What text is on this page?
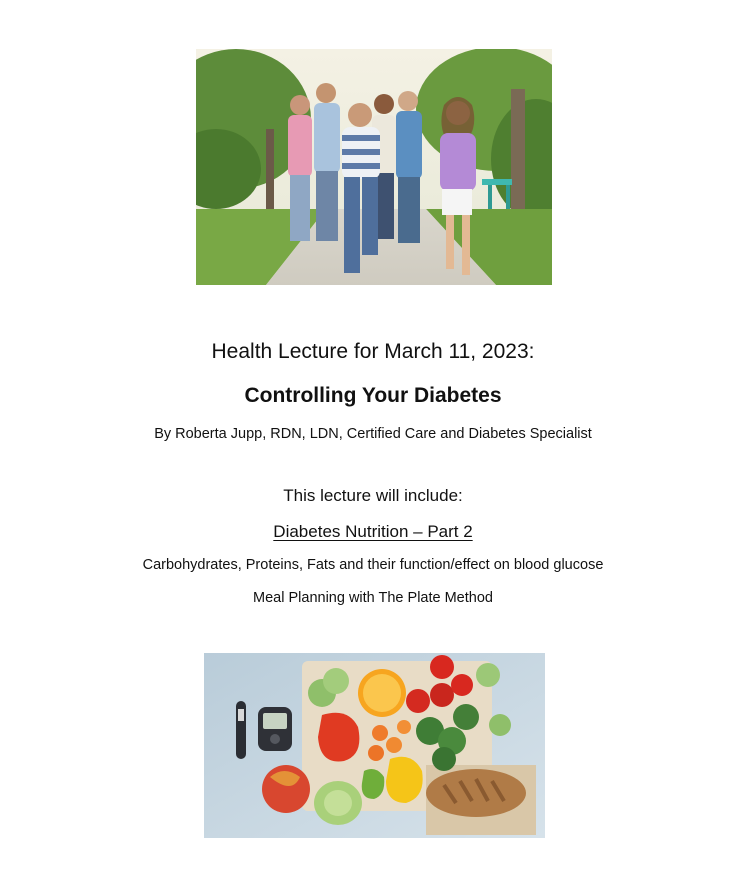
Health Lecture for March 11, 2023:
Controlling Your Diabetes
By Roberta Jupp, RDN, LDN, Certified Care and Diabetes Specialist
This lecture will include:
Diabetes Nutrition – Part 2
Carbohydrates, Proteins, Fats and their function/effect on blood glucose
Meal Planning with The Plate Method
